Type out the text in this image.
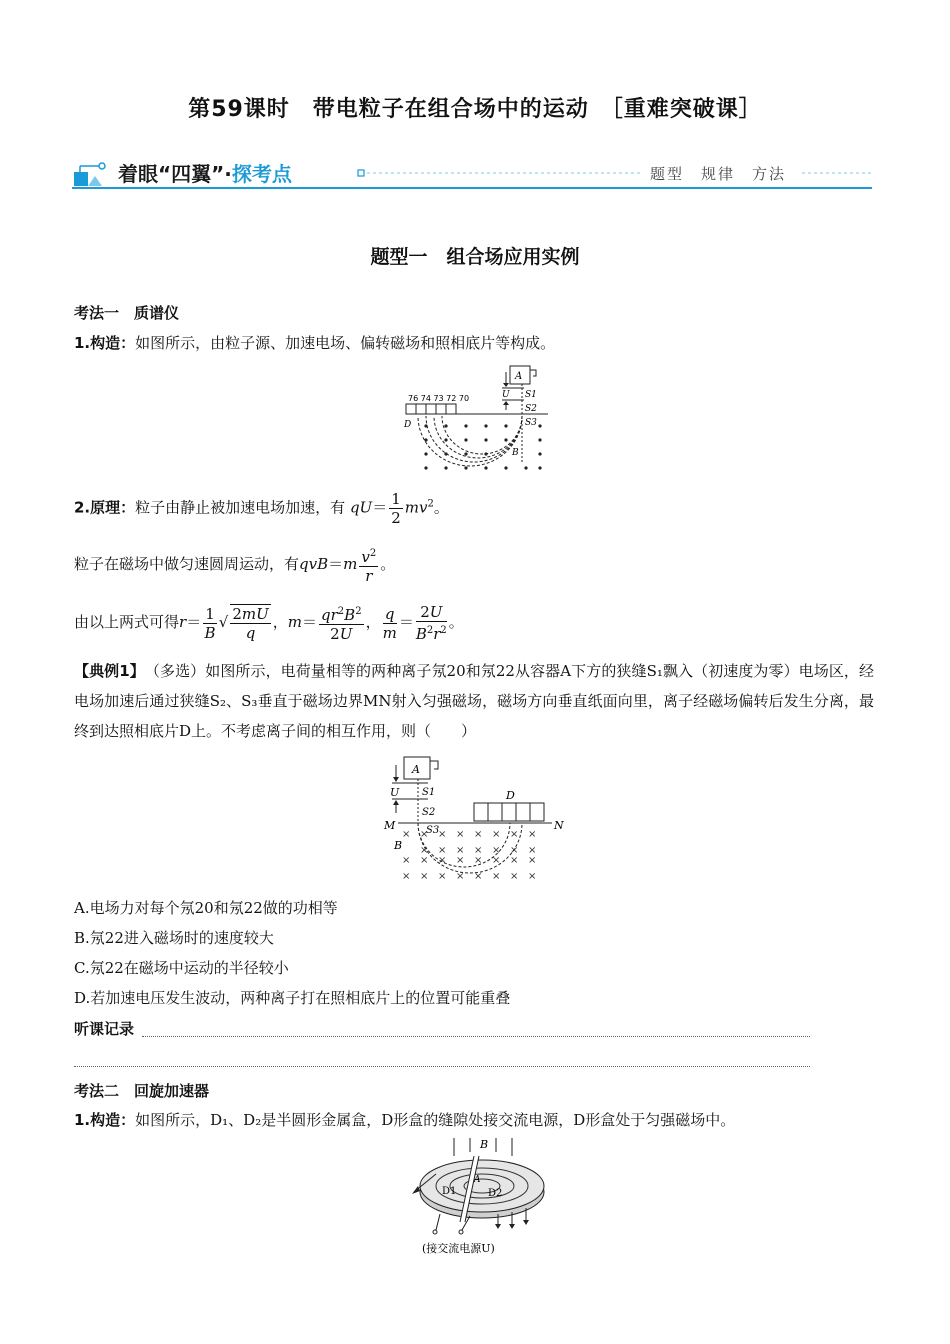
第59课时　带电粒子在组合场中的运动　［重难突破课］
着眼“四翼”·探考点	题型　规律　方法
题型一　组合场应用实例
考法一　质谱仪
1.构造：如图所示，由粒子源、加速电场、偏转磁场和照相底片等构成。
76 74 73 72 70
A
U S1
S2
S3
D
B
2.原理：粒子由静止被加速电场加速，有 $qU= \frac{1}{2} mv^2$。
粒子在磁场中做匀速圆周运动，有$qvB=m \frac{v^2}{r}$ 。
由以上两式可得$r= \frac{1}{B}$ √ $\frac{2mU}{q}$ ，$m= \frac{qr^2B^2}{2U}$ ， $\frac{q}{m} = \frac{2U}{B^2r^2}$ 。
【典例1】　（多选）如图所示，电荷量相等的两种离子氖20和氖22从容器A下方的狭缝S₁飘入（初速度为零）电场区，经电场加速后通过狭缝S₂、S₃垂直于磁场边界MN射入匀强磁场，磁场方向垂直纸面向里，离子经磁场偏转后发生分离，最终到达照相底片D上。不考虑离子间的相互作用，则（　　）
A
U S1
S2
S3
D
M	N
B
× × × × × × × ×
× × × × × × ×
× × × × × × × ×
× × × × × × × ×
A.电场力对每个氖20和氖22做的功相等
B.氖22进入磁场时的速度较大
C.氖22在磁场中运动的半径较小
D.若加速电压发生波动，两种离子打在照相底片上的位置可能重叠
听课记录
考法二　回旋加速器
1.构造：如图所示，D₁、D₂是半圆形金属盒，D形盒的缝隙处接交流电源，D形盒处于匀强磁场中。
B
A
D1	D2
(接交流电源U)
